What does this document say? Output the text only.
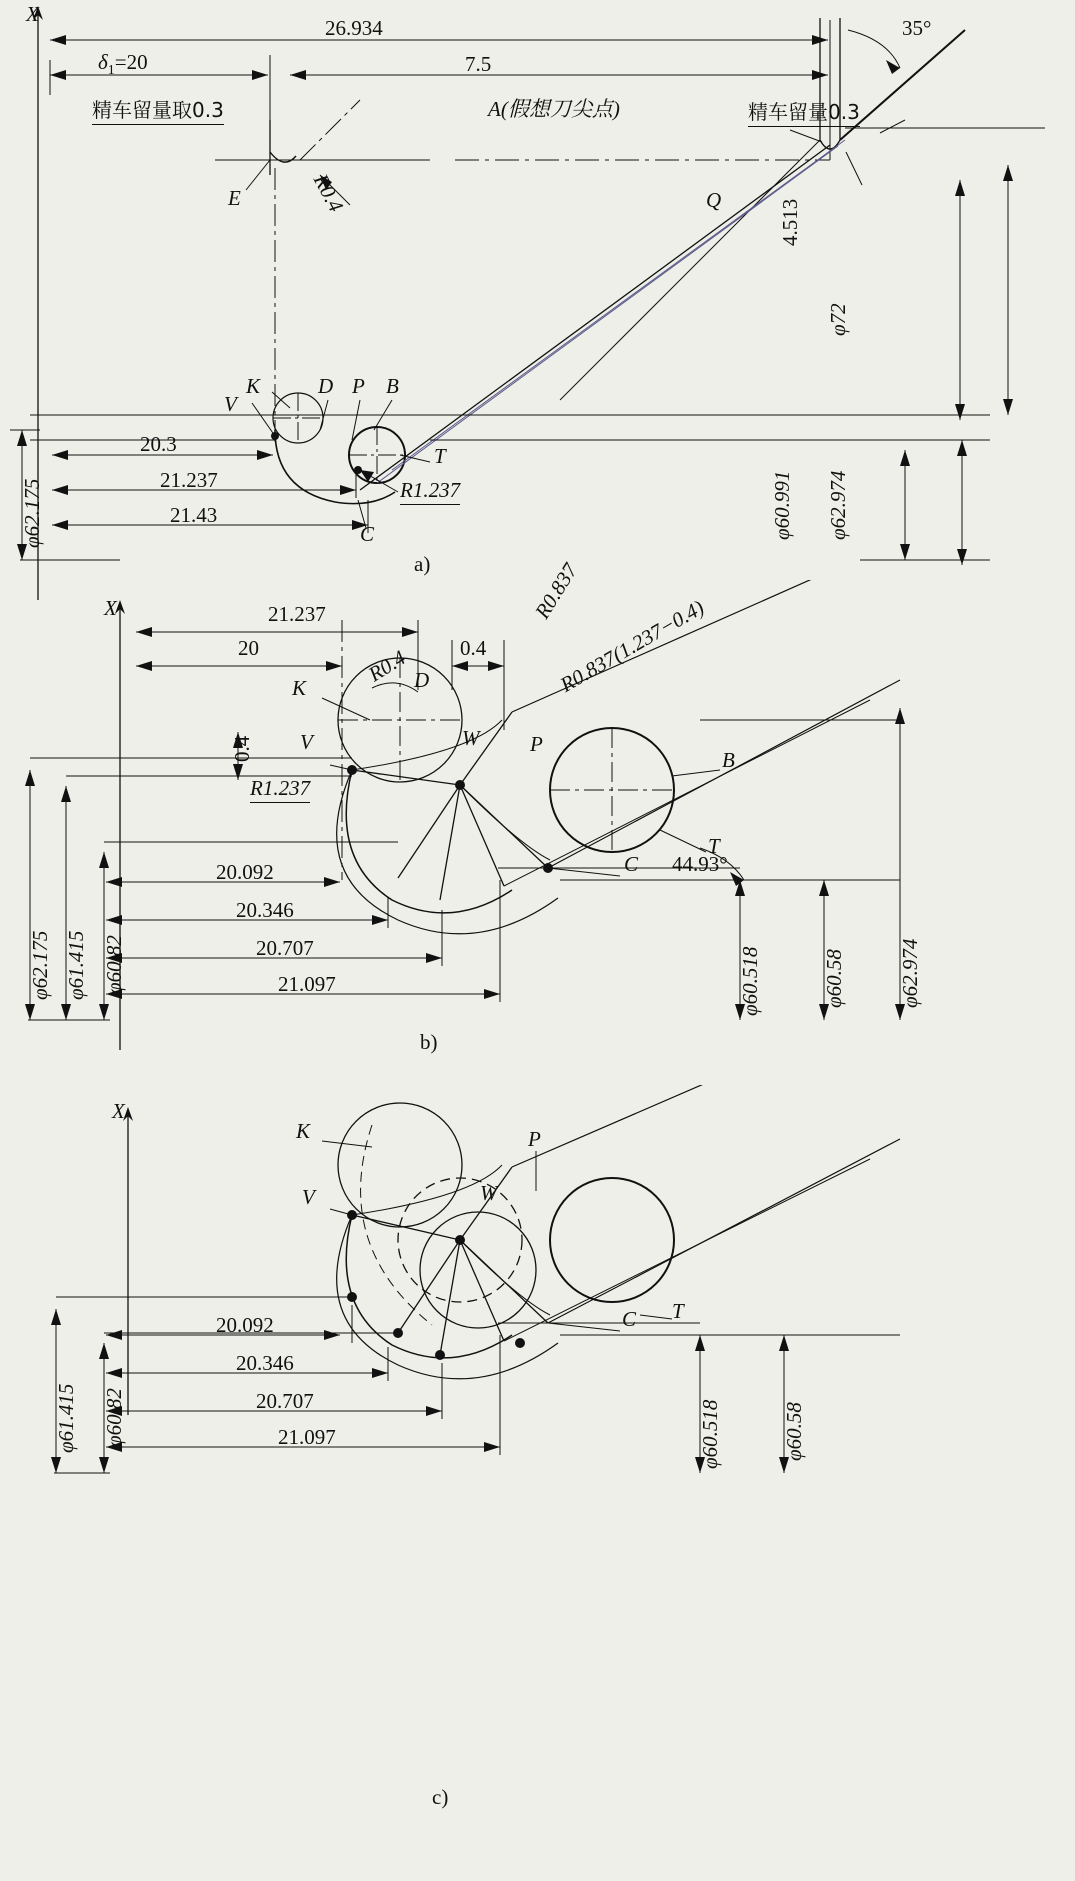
X
26.934
7.5
$\delta_1=20$
精车留量取0.3	精车留量0.3
A(假想刀尖点)
35°
R0.4
E	Q
K
V
D P B
T
C
R1.237
20.3
21.237
21.43
4.513
φ72
φ62.974
φ60.991
φ62.175
a)
X	21.237
20	0.4
0.4
R0.837
R0.837(1.237−0.4)
R0.4
R1.237
K	D
V	W P
B
T
C 44.93°
20.092
20.346
20.707
21.097
φ62.175 φ61.415 φ60.82	φ60.518	φ60.58 φ62.974
b)
X
K	P
V	W
C T
20.092
20.346
20.707
21.097
φ61.415 φ60.82	φ60.518	φ60.58
c)
